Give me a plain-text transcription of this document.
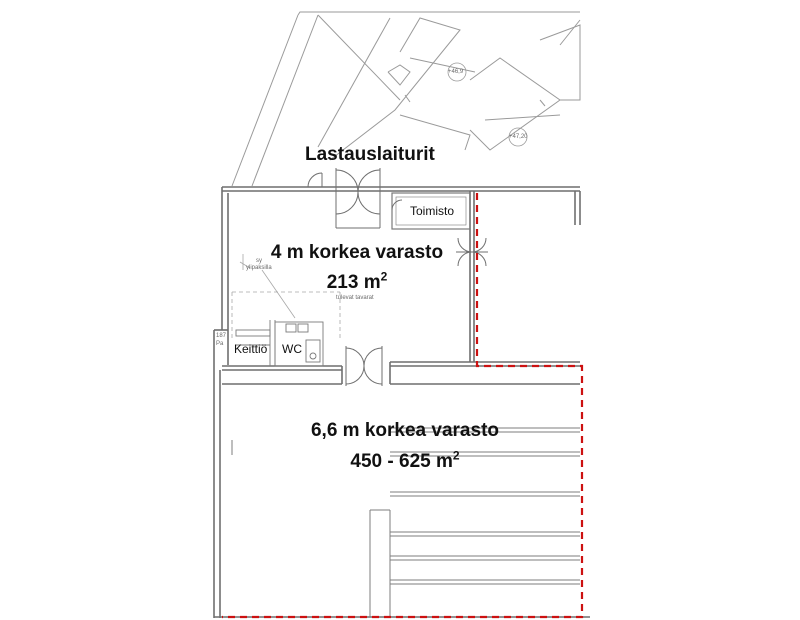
+46,9
+47,20
sy
ylipaksilla
tulevat tavarat
187
Pa
Lastauslaiturit
Toimisto
4 m korkea varasto
213 $m^2$
Keittiö WC
6,6 m korkea varasto
450 - 625 $m^2$
